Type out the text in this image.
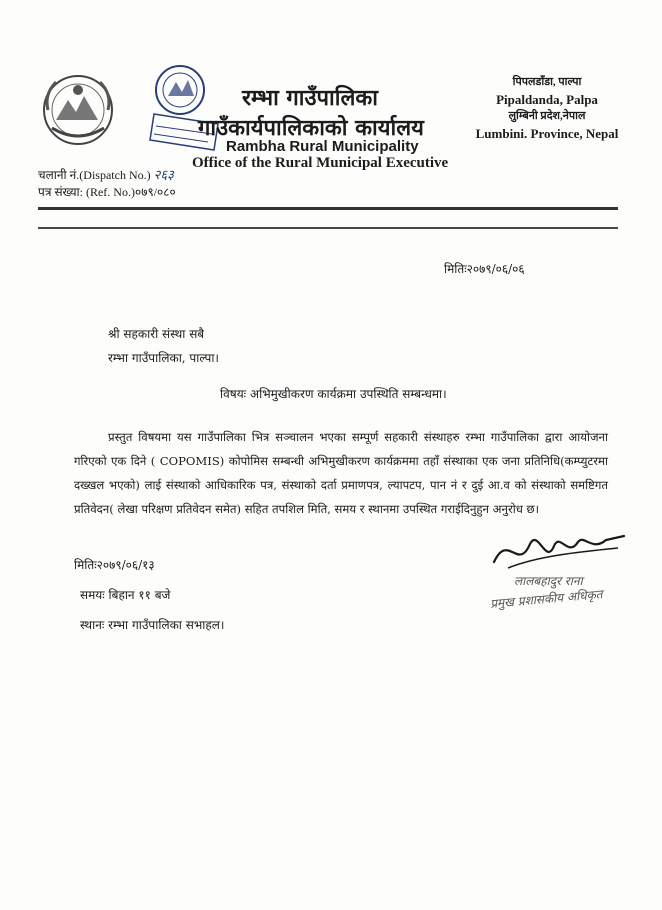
रम्भा गाउँपालिका
गाउँकार्यपालिकाको कार्यालय
Rambha Rural Municipality
Office of the Rural Municipal Executive
पिपलडाँडा, पाल्पा
Pipaldanda, Palpa
लुम्बिनी प्रदेश,नेपाल
Lumbini. Province, Nepal
चलानी नं.(Dispatch No.) २६३
पत्र संख्या: (Ref. No.)०७९/०८०
मितिः२०७९/०६/०६
श्री सहकारी संस्था सबै
रम्भा गाउँपालिका, पाल्पा।
विषयः अभिमुखीकरण कार्यक्रमा उपस्थिति सम्बन्धमा।

प्रस्तुत विषयमा यस गाउँपालिका भित्र सञ्चालन भएका सम्पूर्ण सहकारी संस्थाहरु रम्भा गाउँपालिका द्वारा आयोजना गरिएको एक दिने ( COPOMIS) कोपोमिस सम्बन्धी अभिमुखीकरण कार्यक्रममा तहाँ संस्थाका एक जना प्रतिनिधि(कम्प्युटरमा दख्खल भएको) लाई संस्थाको आधिकारिक पत्र, संस्थाको दर्ता प्रमाणपत्र, ल्यापटप, पान नं र दुई आ.व को संस्थाको समष्टिगत प्रतिवेदन( लेखा परिक्षण प्रतिवेदन समेत) सहित तपशिल मिति, समय र स्थानमा उपस्थित गराईदिनुहुन अनुरोध छ।

मितिः२०७९/०६/१३
समयः बिहान ११ बजे
स्थानः रम्भा गाउँपालिका सभाहल।
लालबहादुर राना
प्रमुख प्रशासकीय अधिकृत
